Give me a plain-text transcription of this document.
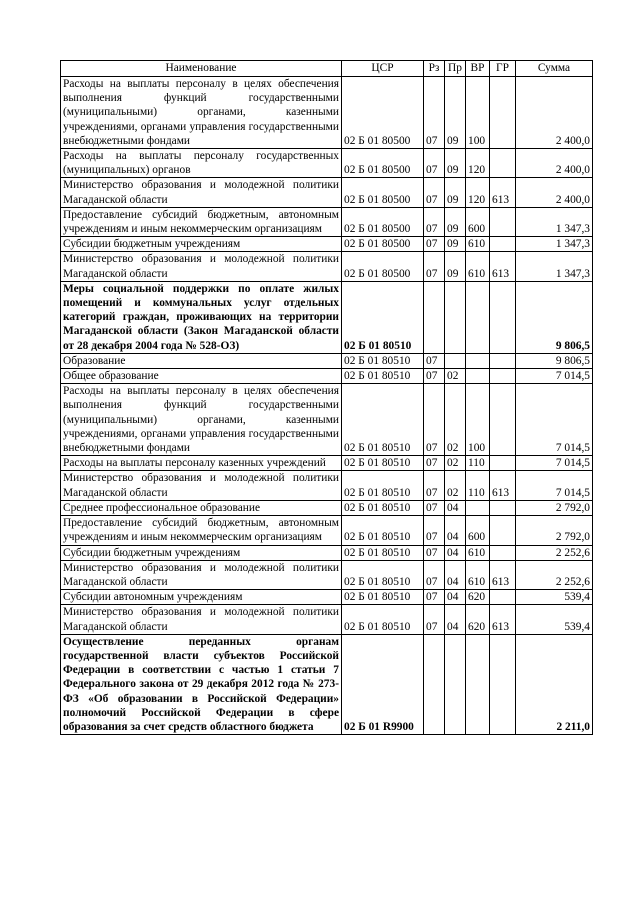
Наименование	ЦСР	Рз	Пр	ВР	ГР	Сумма
Расходы на выплаты персоналу в целях обеспечения выполнения функций государственными (муниципальными) органами, казенными учреждениями, органами управления государственными внебюджетными фондами	02 Б 01 80500	07	09	100		2 400,0
Расходы на выплаты персоналу государственных (муниципальных) органов	02 Б 01 80500	07	09	120		2 400,0
Министерство образования и молодежной политики Магаданской области	02 Б 01 80500	07	09	120	613	2 400,0
Предоставление субсидий бюджетным, автономным учреждениям и иным некоммерческим организациям	02 Б 01 80500	07	09	600		1 347,3
Субсидии бюджетным учреждениям	02 Б 01 80500	07	09	610		1 347,3
Министерство образования и молодежной политики Магаданской области	02 Б 01 80500	07	09	610	613	1 347,3
Меры социальной поддержки по оплате жилых помещений и коммунальных услуг отдельных категорий граждан, проживающих на территории Магаданской области (Закон Магаданской области от 28 декабря 2004 года № 528-ОЗ)	02 Б 01 80510					9 806,5
Образование	02 Б 01 80510	07				9 806,5
Общее образование	02 Б 01 80510	07	02			7 014,5
Расходы на выплаты персоналу в целях обеспечения выполнения функций государственными (муниципальными) органами, казенными учреждениями, органами управления государственными внебюджетными фондами	02 Б 01 80510	07	02	100		7 014,5
Расходы на выплаты персоналу казенных учреждений	02 Б 01 80510	07	02	110		7 014,5
Министерство образования и молодежной политики Магаданской области	02 Б 01 80510	07	02	110	613	7 014,5
Среднее профессиональное образование	02 Б 01 80510	07	04			2 792,0
Предоставление субсидий бюджетным, автономным учреждениям и иным некоммерческим организациям	02 Б 01 80510	07	04	600		2 792,0
Субсидии бюджетным учреждениям	02 Б 01 80510	07	04	610		2 252,6
Министерство образования и молодежной политики Магаданской области	02 Б 01 80510	07	04	610	613	2 252,6
Субсидии автономным учреждениям	02 Б 01 80510	07	04	620		539,4
Министерство образования и молодежной политики Магаданской области	02 Б 01 80510	07	04	620	613	539,4
Осуществление переданных органам государственной власти субъектов Российской Федерации в соответствии с частью 1 статьи 7 Федерального закона от 29 декабря 2012 года № 273-ФЗ «Об образовании в Российской Федерации» полномочий Российской Федерации в сфере образования за счет средств областного бюджета	02 Б 01 R9900					2 211,0
